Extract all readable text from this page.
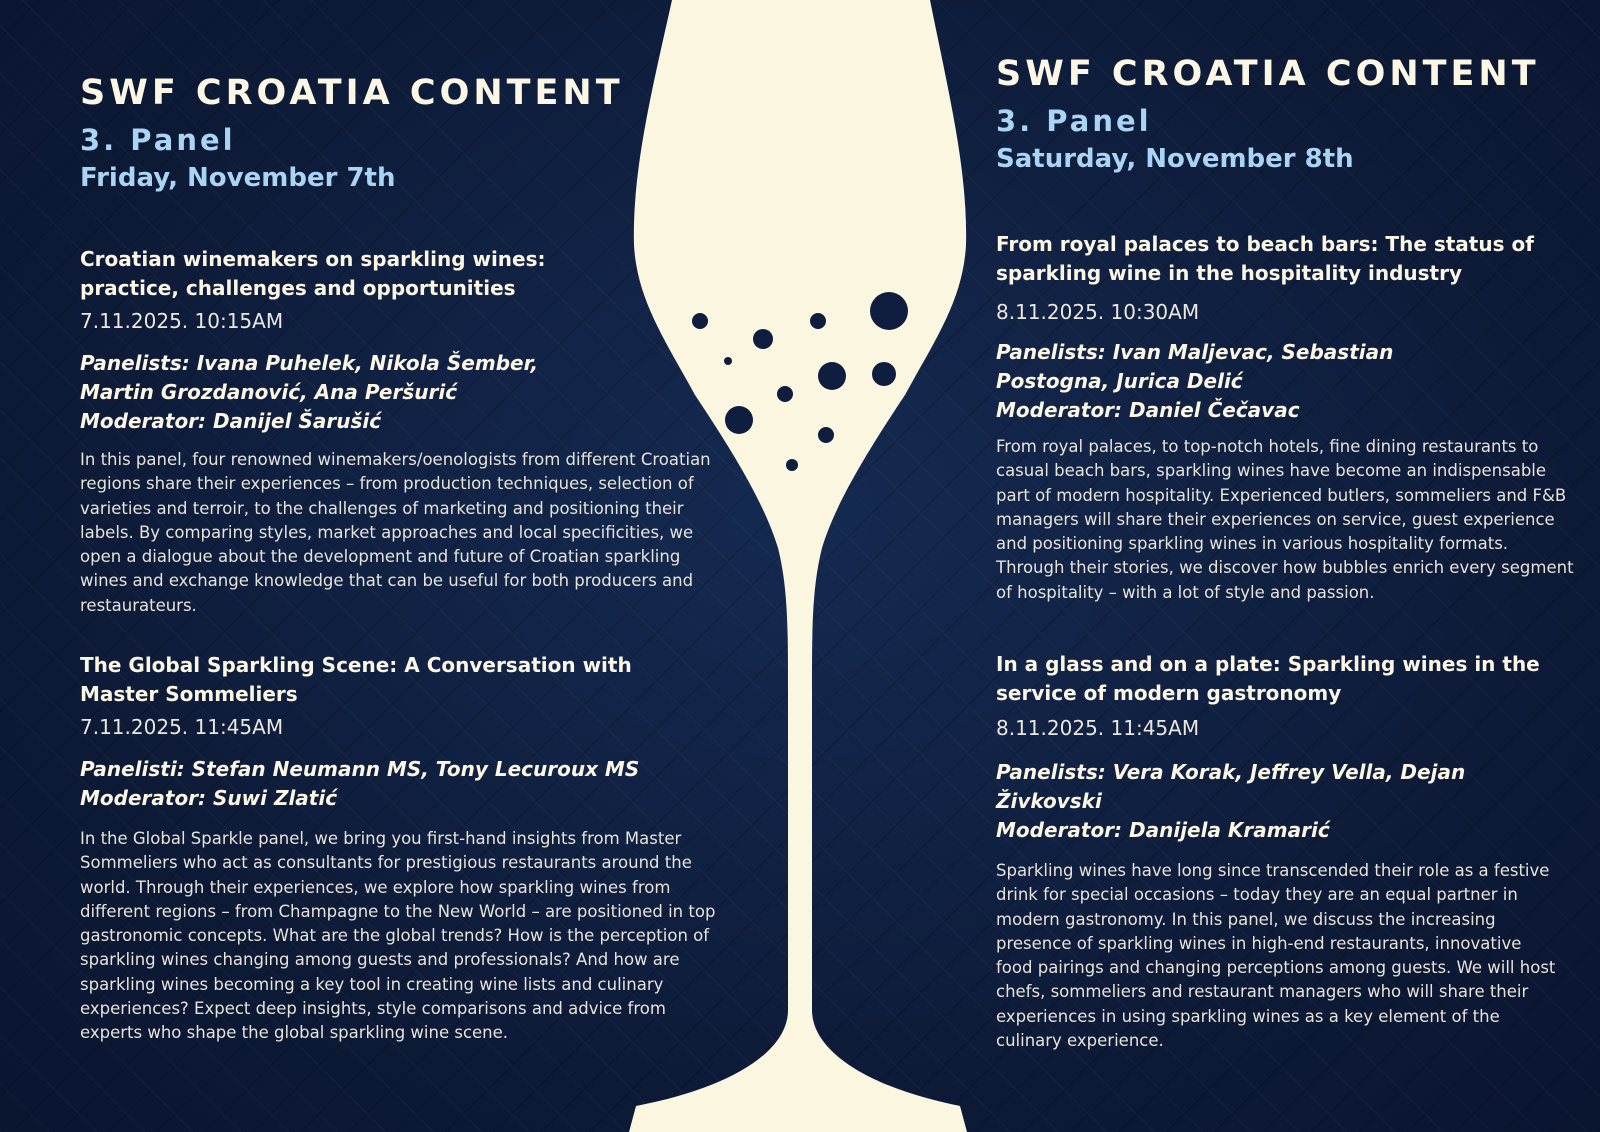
SWF CROATIA CONTENT

3. Panel

Friday, November 7th

Croatian winemakers on sparkling wines: practice, challenges and opportunities

7.11.2025. 10:15AM

Panelists: Ivana Puhelek, Nikola Šember, Martin Grozdanović, Ana Peršurić

Moderator: Danijel Šarušić

In this panel, four renowned winemakers/oenologists from different Croatian regions share their experiences – from production techniques, selection of varieties and terroir, to the challenges of marketing and positioning their labels. By comparing styles, market approaches and local specificities, we open a dialogue about the development and future of Croatian sparkling wines and exchange knowledge that can be useful for both producers and restaurateurs.

The Global Sparkling Scene: A Conversation with Master Sommeliers

7.11.2025. 11:45AM

Panelisti: Stefan Neumann MS, Tony Lecuroux MS

Moderator: Suwi Zlatić

In the Global Sparkle panel, we bring you first-hand insights from Master Sommeliers who act as consultants for prestigious restaurants around the world. Through their experiences, we explore how sparkling wines from different regions – from Champagne to the New World – are positioned in top gastronomic concepts. What are the global trends? How is the perception of sparkling wines changing among guests and professionals? And how are sparkling wines becoming a key tool in creating wine lists and culinary experiences? Expect deep insights, style comparisons and advice from experts who shape the global sparkling wine scene.

SWF CROATIA CONTENT

3. Panel

Saturday, November 8th

From royal palaces to beach bars: The status of sparkling wine in the hospitality industry

8.11.2025. 10:30AM

Panelists: Ivan Maljevac, Sebastian Postogna, Jurica Delić

Moderator: Daniel Čečavac

From royal palaces, to top-notch hotels, fine dining restaurants to casual beach bars, sparkling wines have become an indispensable part of modern hospitality. Experienced butlers, sommeliers and F&B managers will share their experiences on service, guest experience and positioning sparkling wines in various hospitality formats. Through their stories, we discover how bubbles enrich every segment of hospitality – with a lot of style and passion.

In a glass and on a plate: Sparkling wines in the service of modern gastronomy

8.11.2025. 11:45AM

Panelists: Vera Korak, Jeffrey Vella, Dejan Živkovski

Moderator: Danijela Kramarić

Sparkling wines have long since transcended their role as a festive drink for special occasions – today they are an equal partner in modern gastronomy. In this panel, we discuss the increasing presence of sparkling wines in high-end restaurants, innovative food pairings and changing perceptions among guests. We will host chefs, sommeliers and restaurant managers who will share their experiences in using sparkling wines as a key element of the culinary experience.
